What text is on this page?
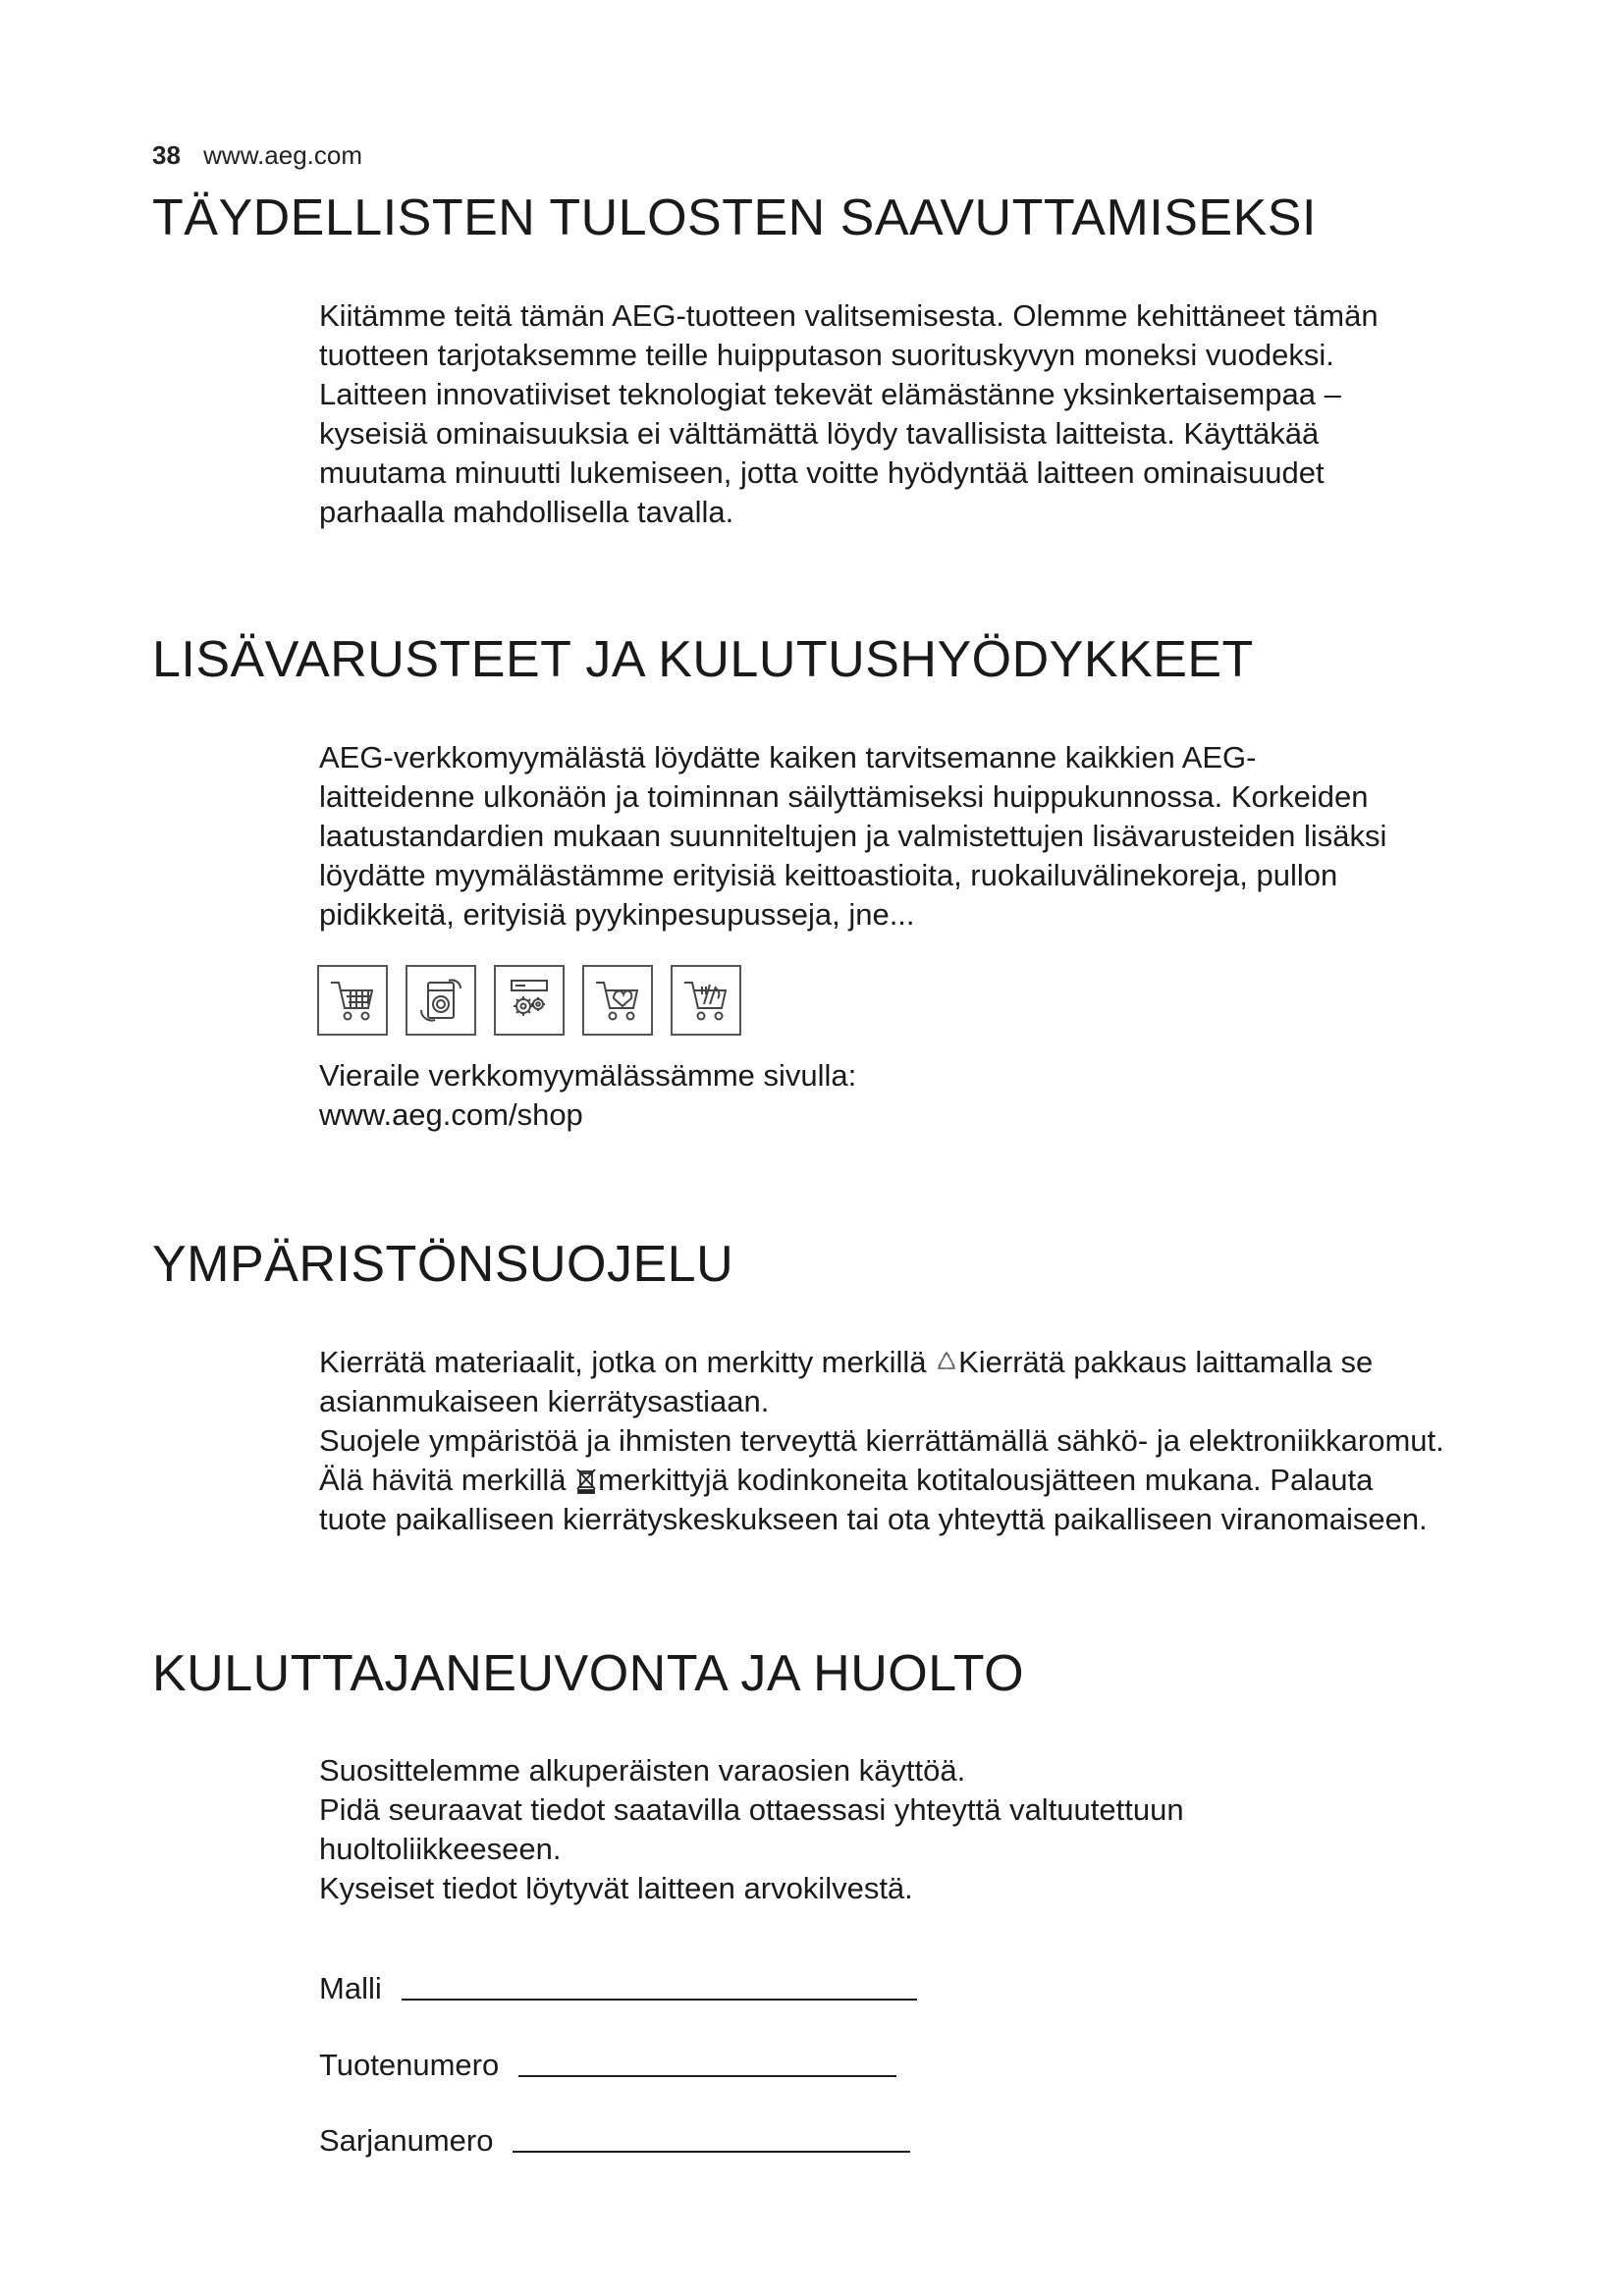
38 www.aeg.com
TÄYDELLISTEN TULOSTEN SAAVUTTAMISEKSI
Kiitämme teitä tämän AEG-tuotteen valitsemisesta. Olemme kehittäneet tämän
tuotteen tarjotaksemme teille huipputason suorituskyvyn moneksi vuodeksi.
Laitteen innovatiiviset teknologiat tekevät elämästänne yksinkertaisempaa –
kyseisiä ominaisuuksia ei välttämättä löydy tavallisista laitteista. Käyttäkää
muutama minuutti lukemiseen, jotta voitte hyödyntää laitteen ominaisuudet
parhaalla mahdollisella tavalla.
LISÄVARUSTEET JA KULUTUSHYÖDYKKEET
AEG-verkkomyymälästä löydätte kaiken tarvitsemanne kaikkien AEG-
laitteidenne ulkonäön ja toiminnan säilyttämiseksi huippukunnossa. Korkeiden
laatustandardien mukaan suunniteltujen ja valmistettujen lisävarusteiden lisäksi
löydätte myymälästämme erityisiä keittoastioita, ruokailuvälinekoreja, pullon
pidikkeitä, erityisiä pyykinpesupusseja, jne...
Vieraile verkkomyymälässämme sivulla:
www.aeg.com/shop
YMPÄRISTÖNSUOJELU
Kierrätä materiaalit, jotka on merkitty merkillä Kierrätä pakkaus laittamalla se
asianmukaiseen kierrätysastiaan.
Suojele ympäristöä ja ihmisten terveyttä kierrättämällä sähkö- ja elektroniikkaromut.
Älä hävitä merkillä merkittyjä kodinkoneita kotitalousjätteen mukana. Palauta
tuote paikalliseen kierrätyskeskukseen tai ota yhteyttä paikalliseen viranomaiseen.
KULUTTAJANEUVONTA JA HUOLTO
Suosittelemme alkuperäisten varaosien käyttöä.
Pidä seuraavat tiedot saatavilla ottaessasi yhteyttä valtuutettuun
huoltoliikkeeseen.
Kyseiset tiedot löytyvät laitteen arvokilvestä.
Malli
Tuotenumero
Sarjanumero
